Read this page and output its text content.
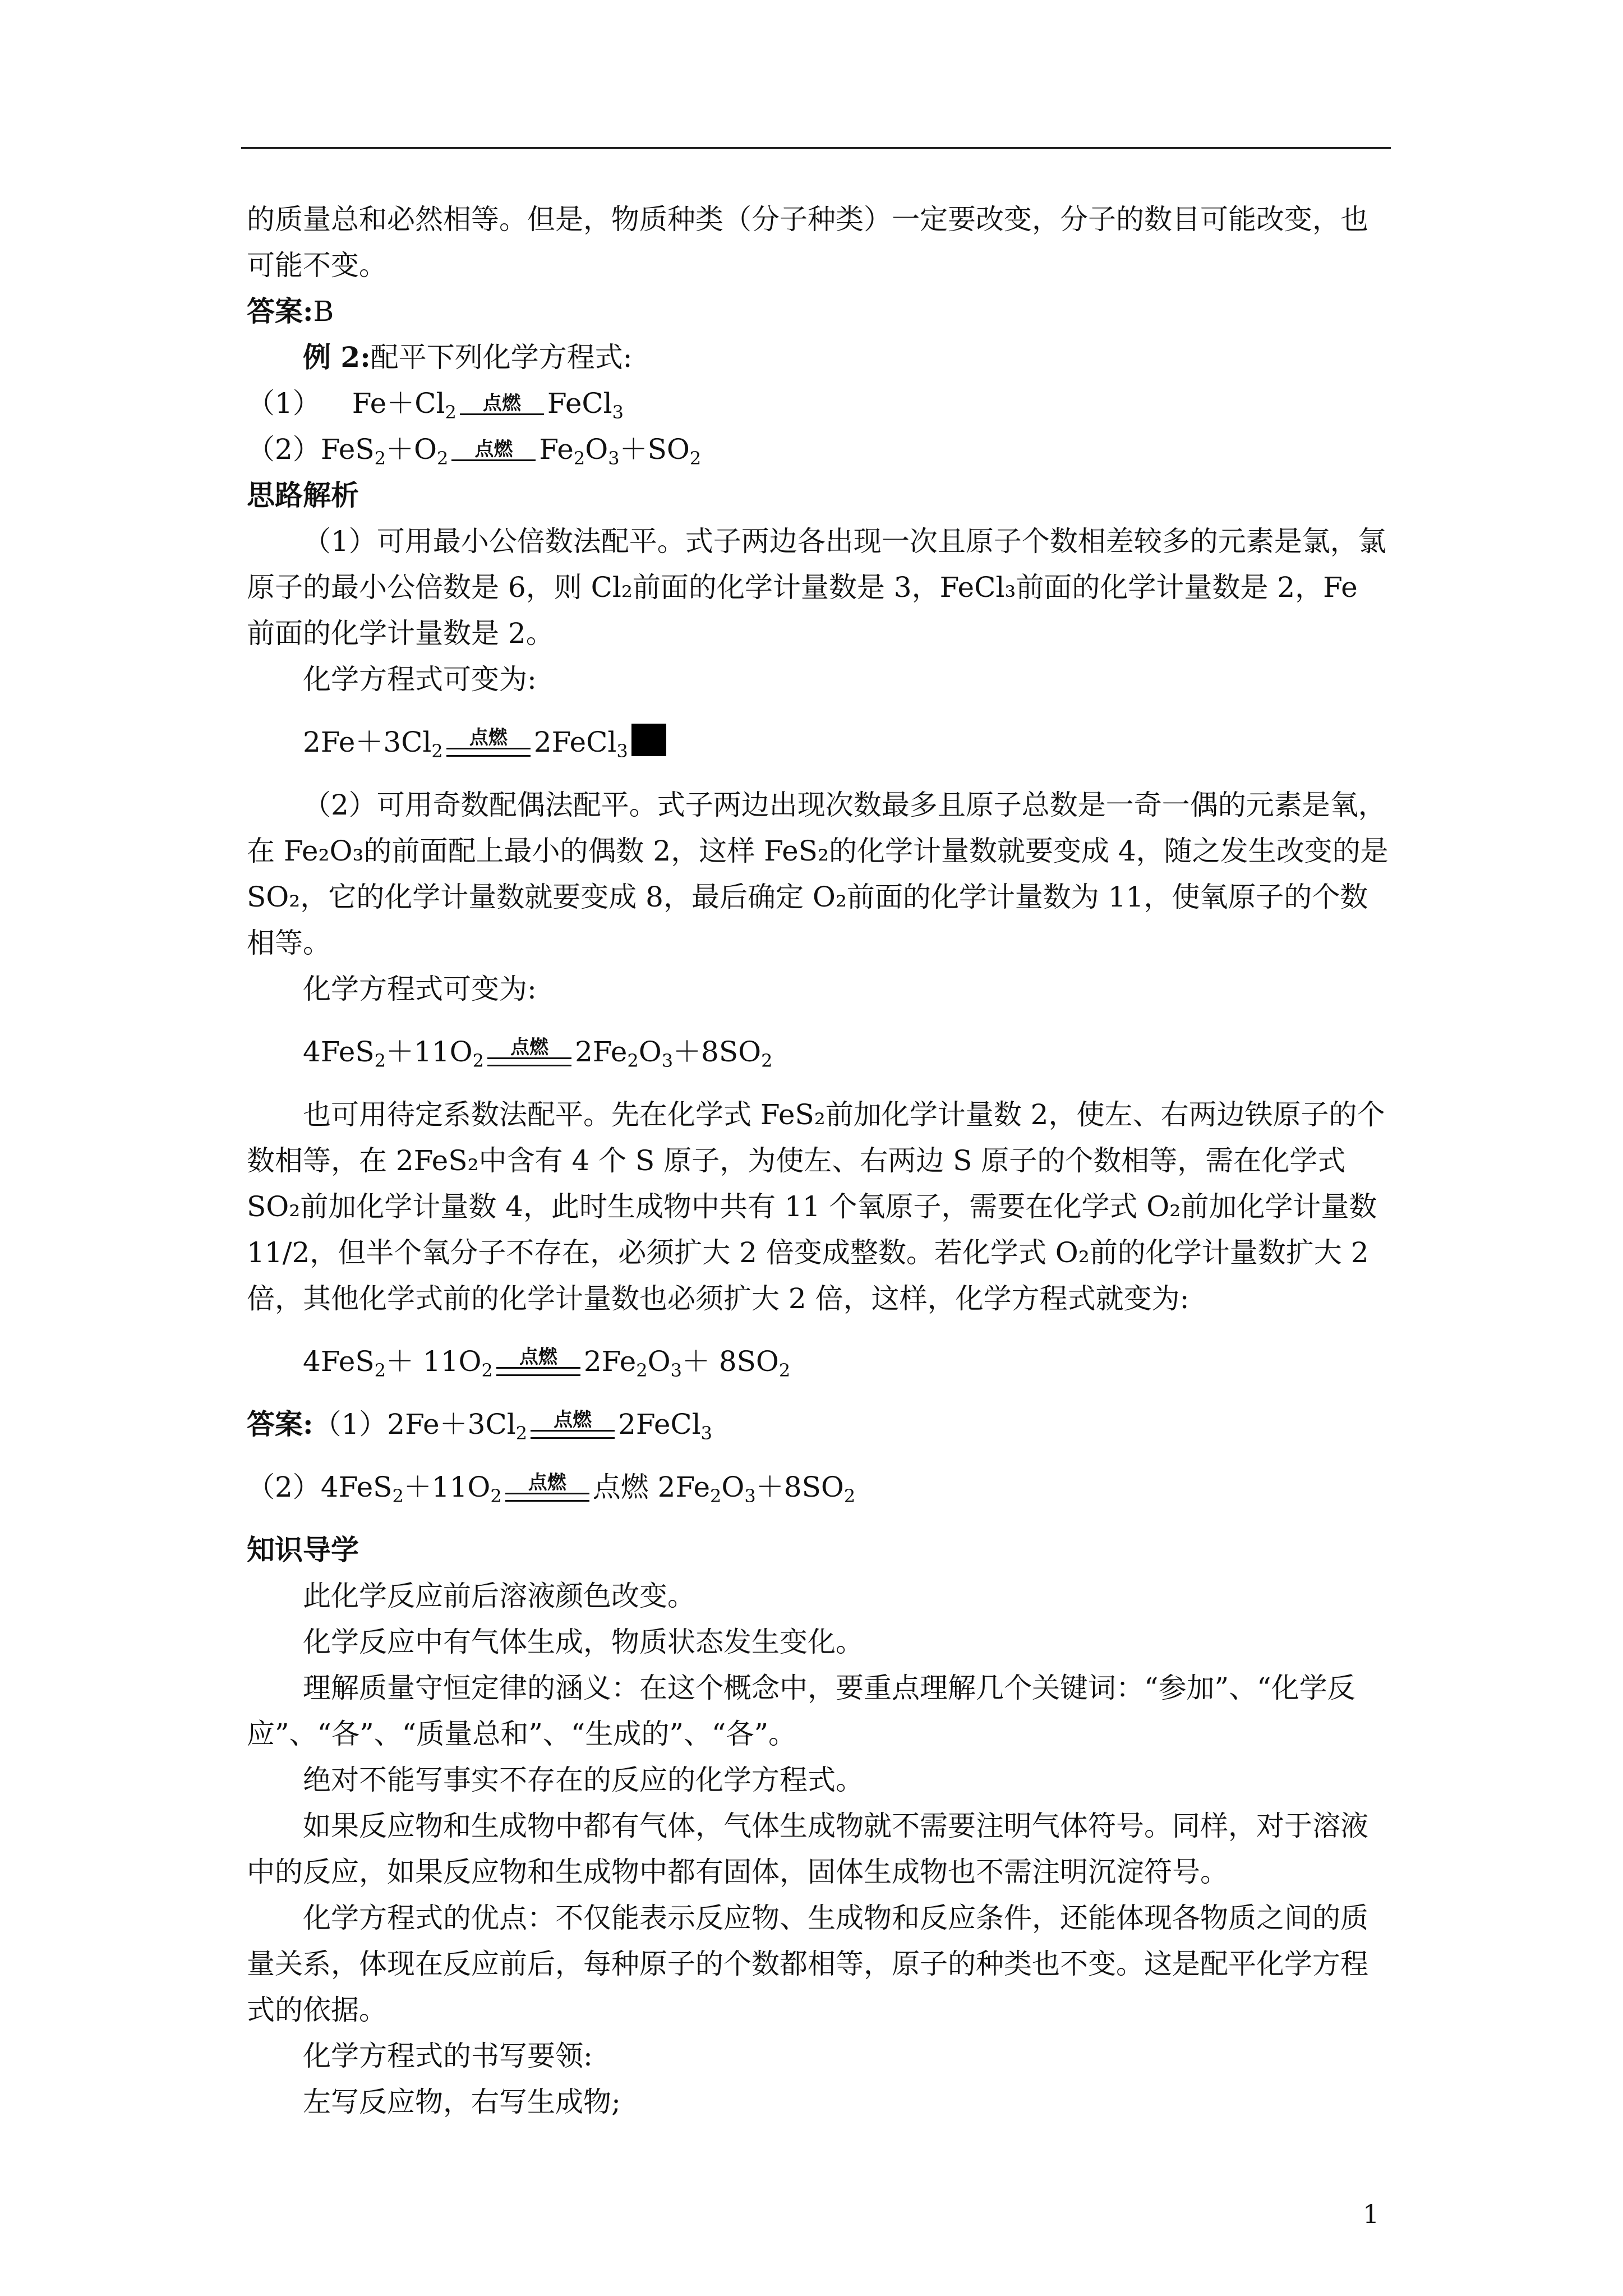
的质量总和必然相等。但是，物质种类（分子种类）一定要改变，分子的数目可能改变，也可能不变。

答案:B

例 2:配平下列化学方程式:

（1） $Fe+Cl_2$ 点燃 FeCl$_3$

$(2)FeS_2+O_2$ 点燃 $Fe_2O_3+SO_2$

思路解析

（1）可用最小公倍数法配平。式子两边各出现一次且原子个数相差较多的元素是氯，氯原子的最小公倍数是 6，则 Cl₂前面的化学计量数是 3，FeCl₃前面的化学计量数是 2，Fe 前面的化学计量数是 2。

化学方程式可变为:

$2Fe+3Cl_2$
点燃 2FeCl$_3$

（2）可用奇数配偶法配平。式子两边出现次数最多且原子总数是一奇一偶的元素是氧，在 Fe₂O₃的前面配上最小的偶数 2，这样 FeS₂的化学计量数就要变成 4，随之发生改变的是 SO₂，它的化学计量数就要变成 8，最后确定 O₂前面的化学计量数为 11，使氧原子的个数相等。

化学方程式可变为:

$4FeS_2+11O_2$
点燃 $2Fe_2O_3+8SO_2$

也可用待定系数法配平。先在化学式 FeS₂前加化学计量数 2，使左、右两边铁原子的个数相等，在 2FeS₂中含有 4 个 S 原子，为使左、右两边 S 原子的个数相等，需在化学式 SO₂前加化学计量数 4，此时生成物中共有 11 个氧原子，需要在化学式 O₂前加化学计量数 11/2，但半个氧分子不存在，必须扩大 2 倍变成整数。若化学式 O₂前的化学计量数扩大 2 倍，其他化学式前的化学计量数也必须扩大 2 倍，这样，化学方程式就变为:

$4FeS_2+ 11O_2$
点燃 $2Fe_2O_3+ 8SO_2$

答案$:(1)2Fe+3Cl_2$
点燃 2FeCl$_3$

$(2)4FeS_2+11O_2$
点燃 点燃 $2Fe_2O_3+8SO_2$

知识导学

此化学反应前后溶液颜色改变。

化学反应中有气体生成，物质状态发生变化。

理解质量守恒定律的涵义：在这个概念中，要重点理解几个关键词：“参加”、“化学反应”、“各”、“质量总和”、“生成的”、“各”。

绝对不能写事实不存在的反应的化学方程式。

如果反应物和生成物中都有气体，气体生成物就不需要注明气体符号。同样，对于溶液中的反应，如果反应物和生成物中都有固体，固体生成物也不需注明沉淀符号。

化学方程式的优点：不仅能表示反应物、生成物和反应条件，还能体现各物质之间的质量关系，体现在反应前后，每种原子的个数都相等，原子的种类也不变。这是配平化学方程式的依据。

化学方程式的书写要领:

左写反应物，右写生成物;

1
